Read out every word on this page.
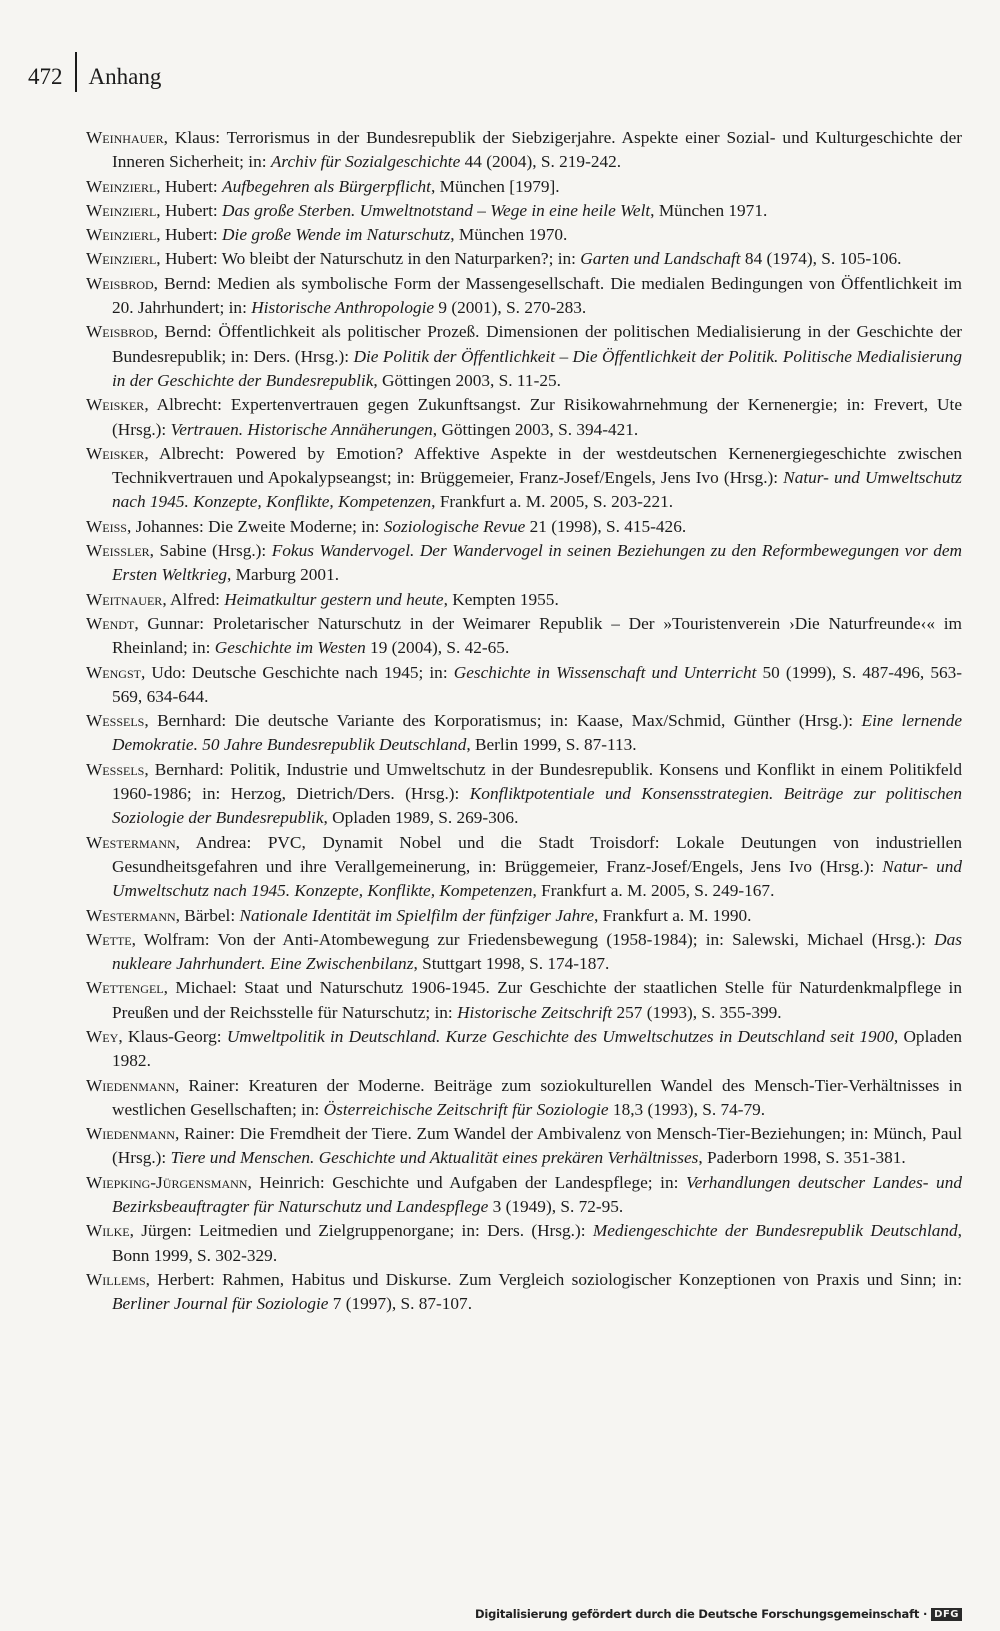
472 Anhang

Weinhauer, Klaus: Terrorismus in der Bundesrepublik der Siebzigerjahre. Aspekte einer Sozial- und Kulturgeschichte der Inneren Sicherheit; in: Archiv für Sozialgeschichte 44 (2004), S. 219-242.

Weinzierl, Hubert: Aufbegehren als Bürgerpflicht, München [1979].

Weinzierl, Hubert: Das große Sterben. Umweltnotstand – Wege in eine heile Welt, München 1971.

Weinzierl, Hubert: Die große Wende im Naturschutz, München 1970.

Weinzierl, Hubert: Wo bleibt der Naturschutz in den Naturparken?; in: Garten und Landschaft 84 (1974), S. 105-106.

Weisbrod, Bernd: Medien als symbolische Form der Massengesellschaft. Die medialen Bedingungen von Öffentlichkeit im 20. Jahrhundert; in: Historische Anthropologie 9 (2001), S. 270-283.

Weisbrod, Bernd: Öffentlichkeit als politischer Prozeß. Dimensionen der politischen Medialisierung in der Geschichte der Bundesrepublik; in: Ders. (Hrsg.): Die Politik der Öffentlichkeit – Die Öffentlichkeit der Politik. Politische Medialisierung in der Geschichte der Bundesrepublik, Göttingen 2003, S. 11-25.

Weisker, Albrecht: Expertenvertrauen gegen Zukunftsangst. Zur Risikowahrnehmung der Kernenergie; in: Frevert, Ute (Hrsg.): Vertrauen. Historische Annäherungen, Göttingen 2003, S. 394-421.

Weisker, Albrecht: Powered by Emotion? Affektive Aspekte in der westdeutschen Kernenergiegeschichte zwischen Technikvertrauen und Apokalypseangst; in: Brüggemeier, Franz-Josef/Engels, Jens Ivo (Hrsg.): Natur- und Umweltschutz nach 1945. Konzepte, Konflikte, Kompetenzen, Frankfurt a. M. 2005, S. 203-221.

Weiss, Johannes: Die Zweite Moderne; in: Soziologische Revue 21 (1998), S. 415-426.

Weissler, Sabine (Hrsg.): Fokus Wandervogel. Der Wandervogel in seinen Beziehungen zu den Reformbewegungen vor dem Ersten Weltkrieg, Marburg 2001.

Weitnauer, Alfred: Heimatkultur gestern und heute, Kempten 1955.

Wendt, Gunnar: Proletarischer Naturschutz in der Weimarer Republik – Der »Touristenverein ›Die Naturfreunde‹« im Rheinland; in: Geschichte im Westen 19 (2004), S. 42-65.

Wengst, Udo: Deutsche Geschichte nach 1945; in: Geschichte in Wissenschaft und Unterricht 50 (1999), S. 487-496, 563-569, 634-644.

Wessels, Bernhard: Die deutsche Variante des Korporatismus; in: Kaase, Max/Schmid, Günther (Hrsg.): Eine lernende Demokratie. 50 Jahre Bundesrepublik Deutschland, Berlin 1999, S. 87-113.

Wessels, Bernhard: Politik, Industrie und Umweltschutz in der Bundesrepublik. Konsens und Konflikt in einem Politikfeld 1960-1986; in: Herzog, Dietrich/Ders. (Hrsg.): Konfliktpotentiale und Konsensstrategien. Beiträge zur politischen Soziologie der Bundesrepublik, Opladen 1989, S. 269-306.

Westermann, Andrea: PVC, Dynamit Nobel und die Stadt Troisdorf: Lokale Deutungen von industriellen Gesundheitsgefahren und ihre Verallgemeinerung, in: Brüggemeier, Franz-Josef/Engels, Jens Ivo (Hrsg.): Natur- und Umweltschutz nach 1945. Konzepte, Konflikte, Kompetenzen, Frankfurt a. M. 2005, S. 249-167.

Westermann, Bärbel: Nationale Identität im Spielfilm der fünfziger Jahre, Frankfurt a. M. 1990.

Wette, Wolfram: Von der Anti-Atombewegung zur Friedensbewegung (1958-1984); in: Salewski, Michael (Hrsg.): Das nukleare Jahrhundert. Eine Zwischenbilanz, Stuttgart 1998, S. 174-187.

Wettengel, Michael: Staat und Naturschutz 1906-1945. Zur Geschichte der staatlichen Stelle für Naturdenkmalpflege in Preußen und der Reichsstelle für Naturschutz; in: Historische Zeitschrift 257 (1993), S. 355-399.

Wey, Klaus-Georg: Umweltpolitik in Deutschland. Kurze Geschichte des Umweltschutzes in Deutschland seit 1900, Opladen 1982.

Wiedenmann, Rainer: Kreaturen der Moderne. Beiträge zum soziokulturellen Wandel des Mensch-Tier-Verhältnisses in westlichen Gesellschaften; in: Österreichische Zeitschrift für Soziologie 18,3 (1993), S. 74-79.

Wiedenmann, Rainer: Die Fremdheit der Tiere. Zum Wandel der Ambivalenz von Mensch-Tier-Beziehungen; in: Münch, Paul (Hrsg.): Tiere und Menschen. Geschichte und Aktualität eines prekären Verhältnisses, Paderborn 1998, S. 351-381.

Wiepking-Jürgensmann, Heinrich: Geschichte und Aufgaben der Landespflege; in: Verhandlungen deutscher Landes- und Bezirksbeauftragter für Naturschutz und Landespflege 3 (1949), S. 72-95.

Wilke, Jürgen: Leitmedien und Zielgruppenorgane; in: Ders. (Hrsg.): Mediengeschichte der Bundesrepublik Deutschland, Bonn 1999, S. 302-329.

Willems, Herbert: Rahmen, Habitus und Diskurse. Zum Vergleich soziologischer Konzeptionen von Praxis und Sinn; in: Berliner Journal für Soziologie 7 (1997), S. 87-107.

Digitalisierung gefördert durch die Deutsche Forschungsgemeinschaft · DFG
